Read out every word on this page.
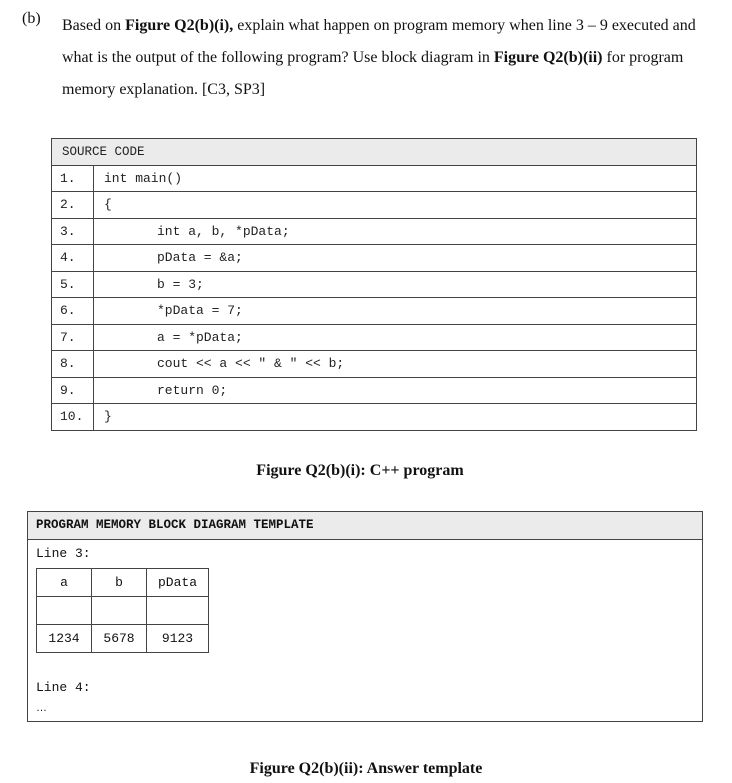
(b) Based on Figure Q2(b)(i), explain what happen on program memory when line 3 – 9 executed and what is the output of the following program? Use block diagram in Figure Q2(b)(ii) for program memory explanation. [C3, SP3]
SOURCE CODE	
1.	int main()
2.	{
3.	int a, b, *pData;
4.	pData = &a;
5.	b = 3;
6.	*pData = 7;
7.	a = *pData;
8.	cout << a << " & " << b;
9.	return 0;
10.	}
Figure Q2(b)(i): C++ program
PROGRAM MEMORY BLOCK DIAGRAM TEMPLATE
Line 3:
a	b	pData

1234	5678	9123
Line 4:
…
Figure Q2(b)(ii): Answer template
